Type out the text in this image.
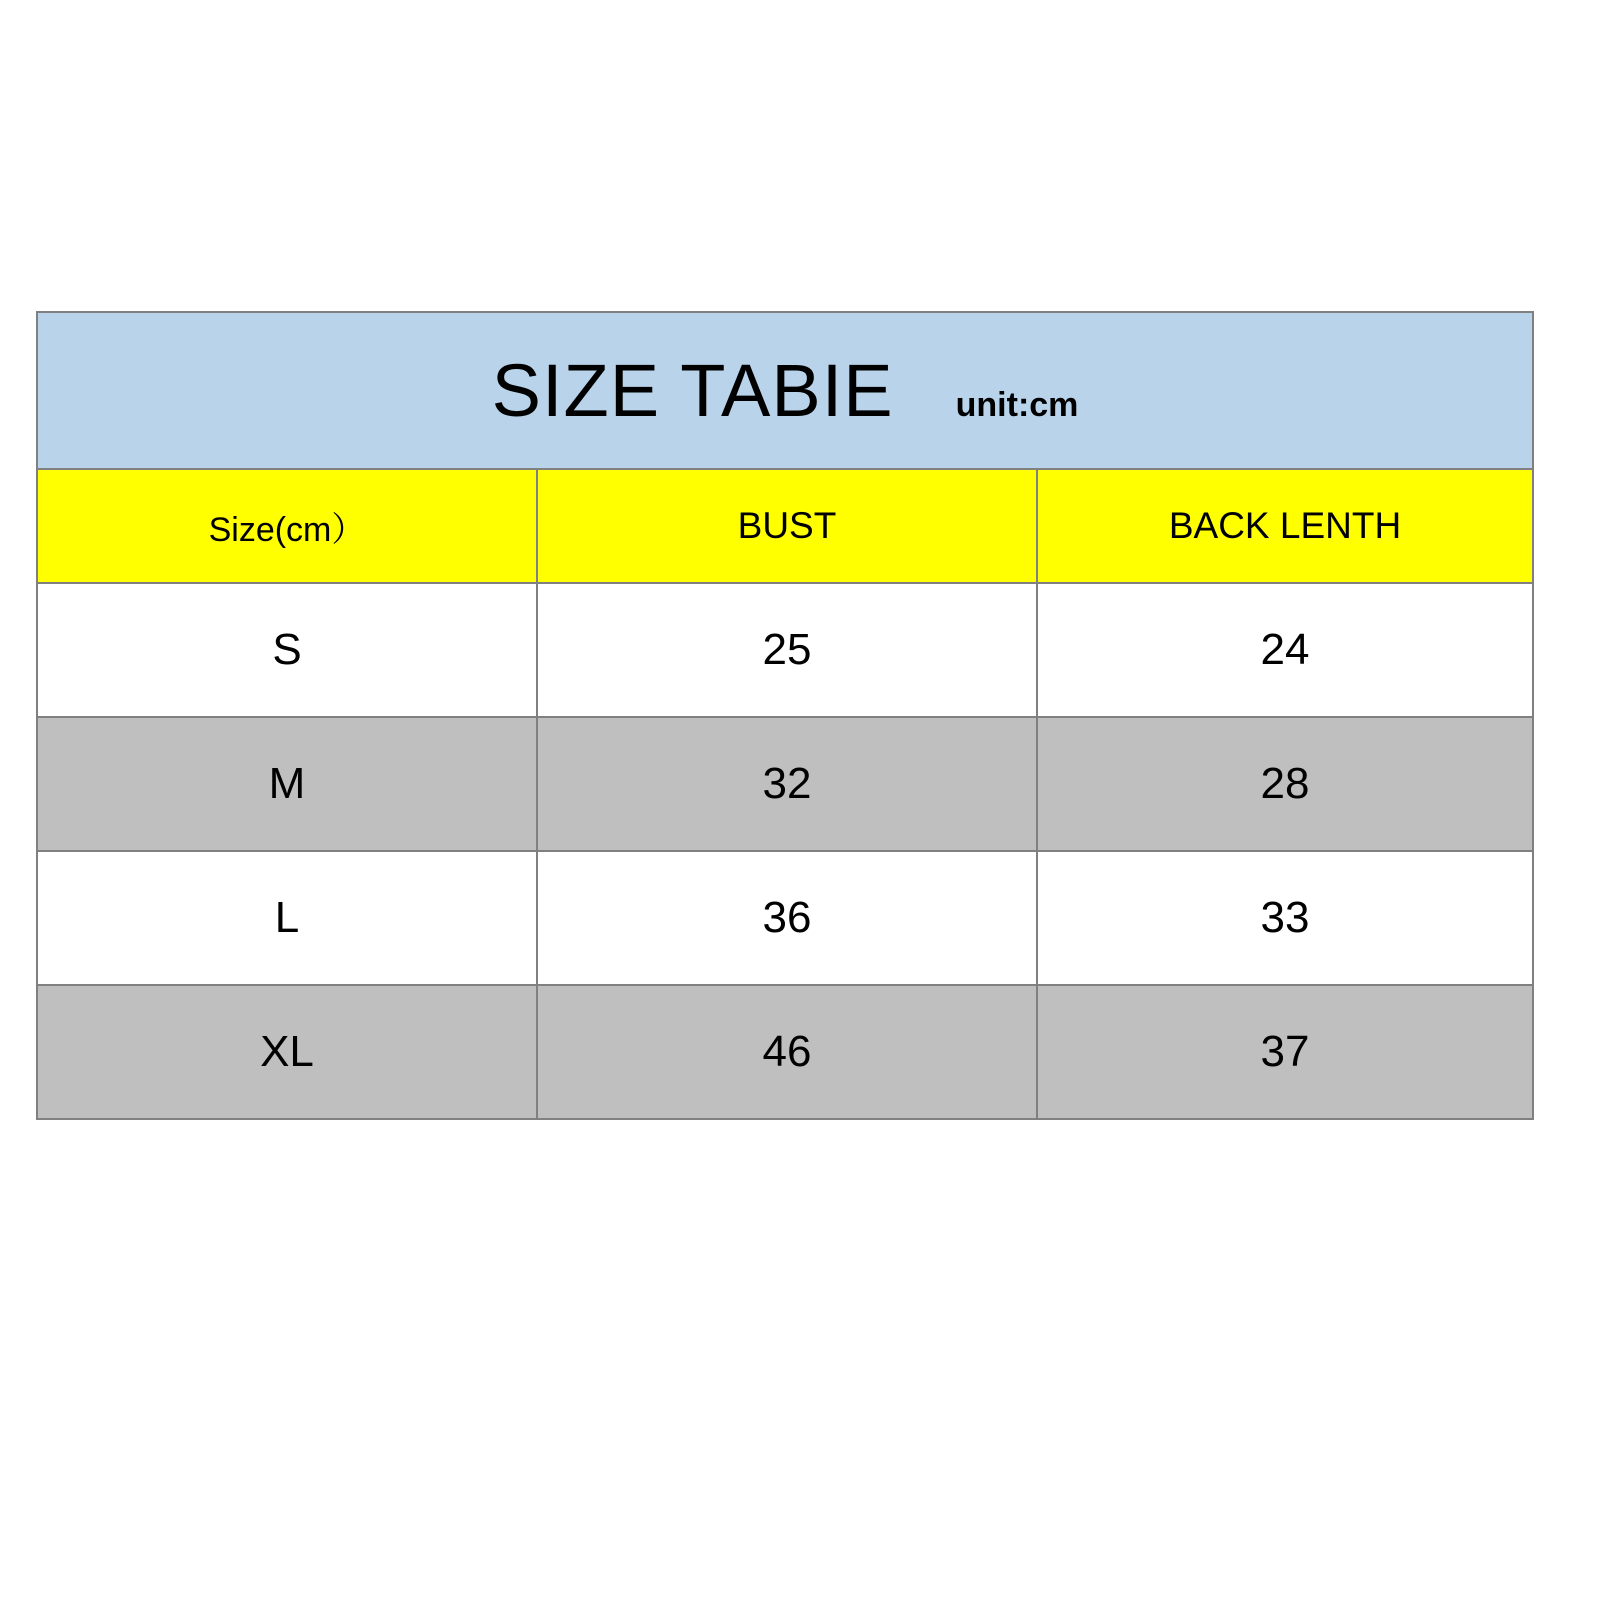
SIZE TABIE unit:cm		

Size(cm）	BUST	BACK LENTH
S	25	24
M	32	28
L	36	33
XL	46	37
